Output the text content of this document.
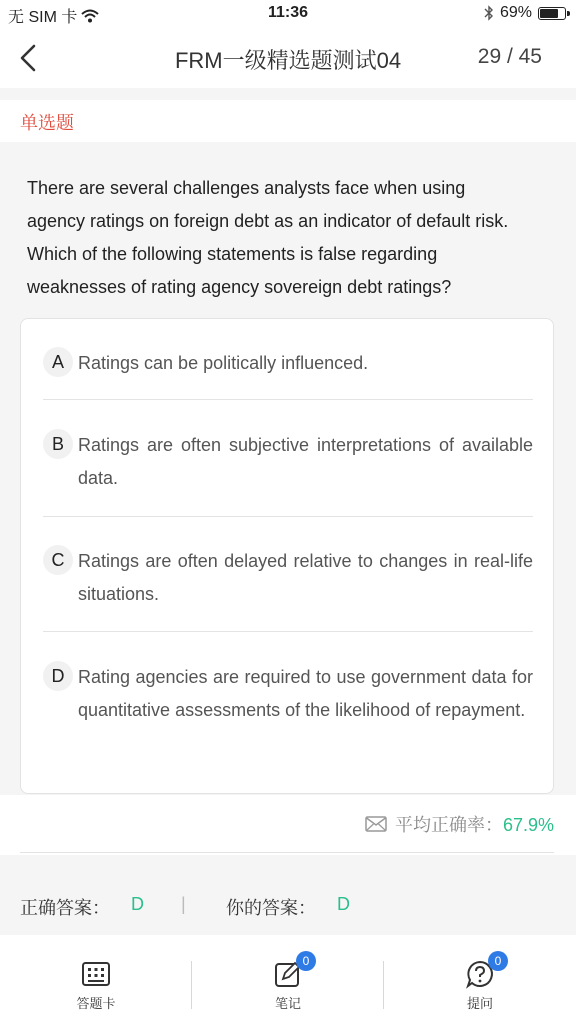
无 SIM 卡	11:36	69%
FRM一级精选题测试04	29 / 45
单选题
There are several challenges analysts face when using agency ratings on foreign debt as an indicator of default risk. Which of the following statements is false regarding weaknesses of rating agency sovereign debt ratings?
A Ratings can be politically influenced.
B Ratings are often subjective interpretations of available data.
C Ratings are often delayed relative to changes in real-life situations.
D Rating agencies are required to use government data for quantitative assessments of the likelihood of repayment.
平均正确率：67.9%
正确答案： D | 你的答案： D
答题卡
0
笔记
0
提问
